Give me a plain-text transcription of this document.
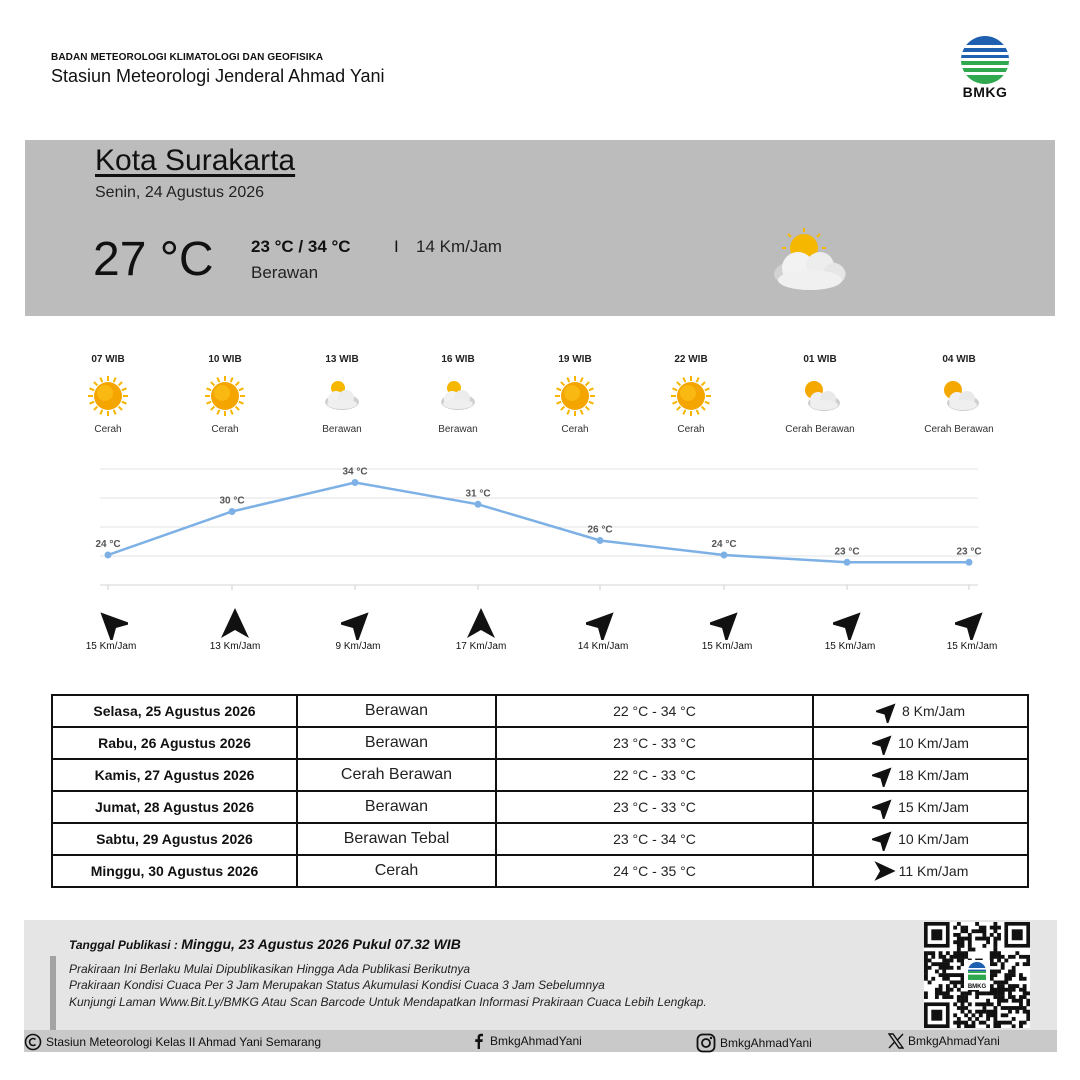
BADAN METEOROLOGI KLIMATOLOGI DAN GEOFISIKA
Stasiun Meteorologi Jenderal Ahmad Yani
BMKG
Kota Surakarta
Senin, 24 Agustus 2026
27 °C 23 °C / 34 °C	I 14 Km/Jam
Berawan
07 WIB
Cerah
10 WIB
Cerah
13 WIB
Berawan
16 WIB
Berawan
19 WIB
Cerah
22 WIB
Cerah
01 WIB
Cerah Berawan
04 WIB
Cerah Berawan
24 °C
30 °C
34 °C
31 °C
26 °C
24 °C
23 °C	23 °C
15 Km/Jam	13 Km/Jam	9 Km/Jam	17 Km/Jam	14 Km/Jam	15 Km/Jam	15 Km/Jam	15 Km/Jam
Selasa, 25 Agustus 2026	Berawan	22 °C - 34 °C	8 Km/Jam
Rabu, 26 Agustus 2026	Berawan	23 °C - 33 °C	10 Km/Jam
Kamis, 27 Agustus 2026	Cerah Berawan	22 °C - 33 °C	18 Km/Jam
Jumat, 28 Agustus 2026	Berawan	23 °C - 33 °C	15 Km/Jam
Sabtu, 29 Agustus 2026	Berawan Tebal	23 °C - 34 °C	10 Km/Jam
Minggu, 30 Agustus 2026	Cerah	24 °C - 35 °C	11 Km/Jam
Tanggal Publikasi : Minggu, 23 Agustus 2026 Pukul 07.32 WIB
Prakiraan Ini Berlaku Mulai Dipublikasikan Hingga Ada Publikasi Berikutnya
Prakiraan Kondisi Cuaca Per 3 Jam Merupakan Status Akumulasi Kondisi Cuaca 3 Jam Sebelumnya
Kunjungi Laman Www.Bit.Ly/BMKG Atau Scan Barcode Untuk Mendapatkan Informasi Prakiraan Cuaca Lebih Lengkap.
BMKG
Stasiun Meteorologi Kelas II Ahmad Yani Semarang	BmkgAhmadYani	BmkgAhmadYani	BmkgAhmadYani
